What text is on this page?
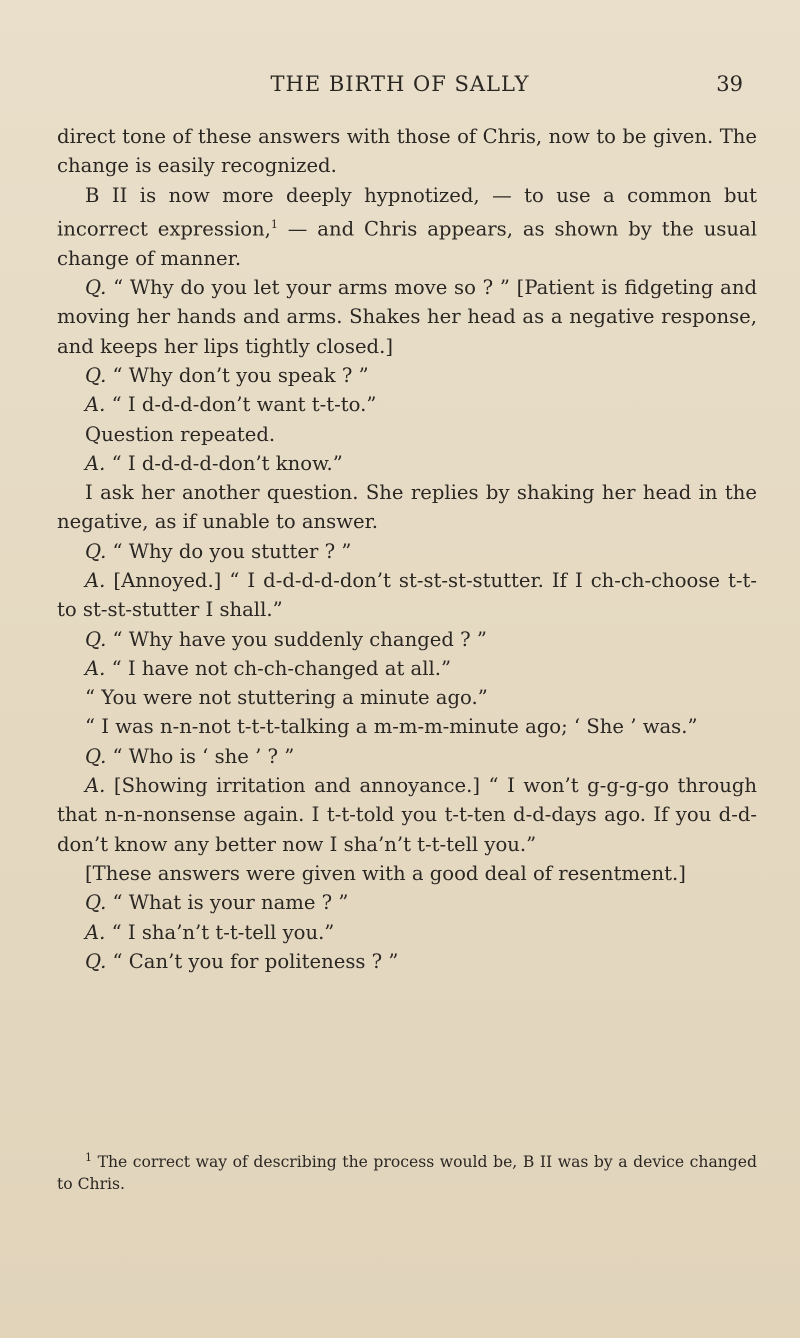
THE BIRTH OF SALLY	39

direct tone of these answers with those of Chris, now to be given. The change is easily recognized.

B II is now more deeply hypnotized, — to use a common but incorrect expression,$^1$ — and Chris appears, as shown by the usual change of manner.

Q. “ Why do you let your arms move so ? ” [Patient is fidgeting and moving her hands and arms. Shakes her head as a negative response, and keeps her lips tightly closed.]

Q. “ Why don’t you speak ? ”

A. “ I d-d-d-don’t want t-t-to.”

Question repeated.

A. “ I d-d-d-d-don’t know.”

I ask her another question. She replies by shaking her head in the negative, as if unable to answer.

Q. “ Why do you stutter ? ”

A. [Annoyed.] “ I d-d-d-d-don’t st-st-st-stutter. If I ch-ch-choose t-t-to st-st-stutter I shall.”

Q. “ Why have you suddenly changed ? ”

A. “ I have not ch-ch-changed at all.”

“ You were not stuttering a minute ago.”

“ I was n-n-not t-t-t-talking a m-m-m-minute ago; ‘ She ’ was.”

Q. “ Who is ‘ she ’ ? ”

A. [Showing irritation and annoyance.] “ I won’t g-g-g-go through that n-n-nonsense again. I t-t-told you t-t-ten d-d-days ago. If you d-d-don’t know any better now I sha’n’t t-t-tell you.”

[These answers were given with a good deal of resentment.]

Q. “ What is your name ? ”

A. “ I sha’n’t t-t-tell you.”

Q. “ Can’t you for politeness ? ”

$^1$ The correct way of describing the process would be, B II was by a device changed to Chris.
